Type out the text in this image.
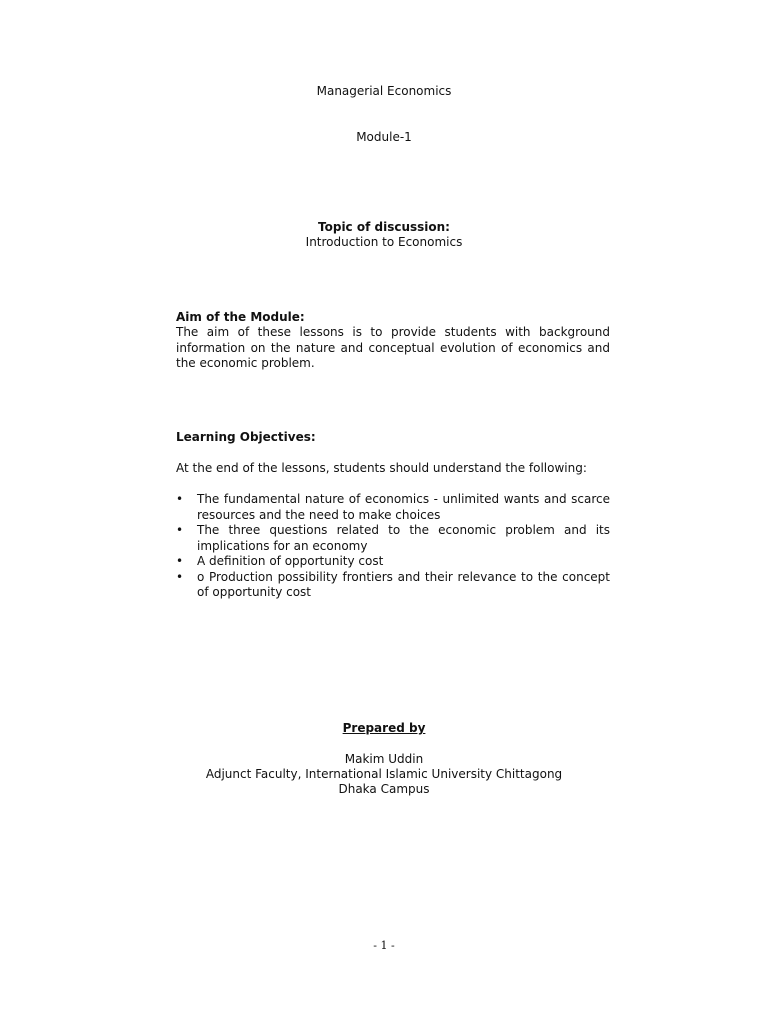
Managerial Economics
Module-1
Topic of discussion:
Introduction to Economics
Aim of the Module:
The aim of these lessons is to provide students with background information on the nature and conceptual evolution of economics and the economic problem.
Learning Objectives:
At the end of the lessons, students should understand the following:
• The fundamental nature of economics - unlimited wants and scarce resources and the need to make choices
• The three questions related to the economic problem and its implications for an economy
• A definition of opportunity cost
• o Production possibility frontiers and their relevance to the concept of opportunity cost
Prepared by
Makim Uddin
Adjunct Faculty, International Islamic University Chittagong
Dhaka Campus
- 1 -
